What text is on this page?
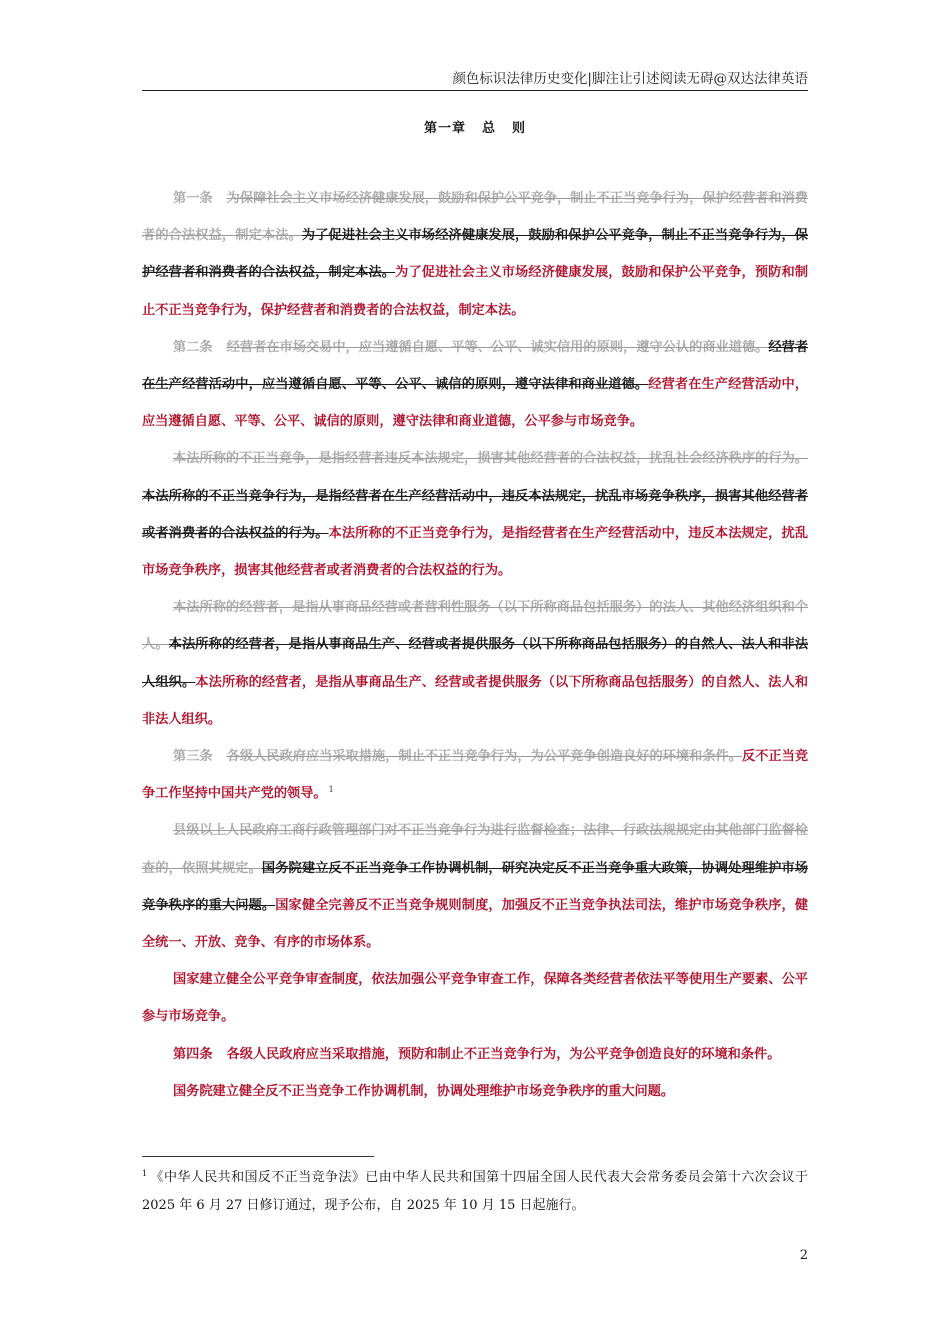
颜色标识法律历史变化|脚注让引述阅读无碍@双达法律英语
第一章 总 则

第一条 为保障社会主义市场经济健康发展，鼓励和保护公平竞争，制止不正当竞争行为，保护经营者和消费者的合法权益，制定本法。为了促进社会主义市场经济健康发展，鼓励和保护公平竞争，制止不正当竞争行为，保护经营者和消费者的合法权益，制定本法。为了促进社会主义市场经济健康发展，鼓励和保护公平竞争，预防和制止不正当竞争行为，保护经营者和消费者的合法权益，制定本法。

第二条 经营者在市场交易中，应当遵循自愿、平等、公平、诚实信用的原则，遵守公认的商业道德。经营者在生产经营活动中，应当遵循自愿、平等、公平、诚信的原则，遵守法律和商业道德。经营者在生产经营活动中，应当遵循自愿、平等、公平、诚信的原则，遵守法律和商业道德，公平参与市场竞争。

本法所称的不正当竞争，是指经营者违反本法规定，损害其他经营者的合法权益，扰乱社会经济秩序的行为。本法所称的不正当竞争行为，是指经营者在生产经营活动中，违反本法规定，扰乱市场竞争秩序，损害其他经营者或者消费者的合法权益的行为。本法所称的不正当竞争行为，是指经营者在生产经营活动中，违反本法规定，扰乱市场竞争秩序，损害其他经营者或者消费者的合法权益的行为。

本法所称的经营者，是指从事商品经营或者营利性服务（以下所称商品包括服务）的法人、其他经济组织和个人。本法所称的经营者，是指从事商品生产、经营或者提供服务（以下所称商品包括服务）的自然人、法人和非法人组织。本法所称的经营者，是指从事商品生产、经营或者提供服务（以下所称商品包括服务）的自然人、法人和非法人组织。

第三条 各级人民政府应当采取措施，制止不正当竞争行为，为公平竞争创造良好的环境和条件。反不正当竞争工作坚持中国共产党的领导。 $^1$

县级以上人民政府工商行政管理部门对不正当竞争行为进行监督检查；法律、行政法规规定由其他部门监督检查的，依照其规定。国务院建立反不正当竞争工作协调机制，研究决定反不正当竞争重大政策，协调处理维护市场竞争秩序的重大问题。国家健全完善反不正当竞争规则制度，加强反不正当竞争执法司法，维护市场竞争秩序，健全统一、开放、竞争、有序的市场体系。

国家建立健全公平竞争审查制度，依法加强公平竞争审查工作，保障各类经营者依法平等使用生产要素、公平参与市场竞争。

第四条 各级人民政府应当采取措施，预防和制止不正当竞争行为，为公平竞争创造良好的环境和条件。

国务院建立健全反不正当竞争工作协调机制，协调处理维护市场竞争秩序的重大问题。

$^1$ 《中华人民共和国反不正当竞争法》已由中华人民共和国第十四届全国人民代表大会常务委员会第十六次会议于 2025 年 6 月 27 日修订通过，现予公布，自 2025 年 10 月 15 日起施行。
2
